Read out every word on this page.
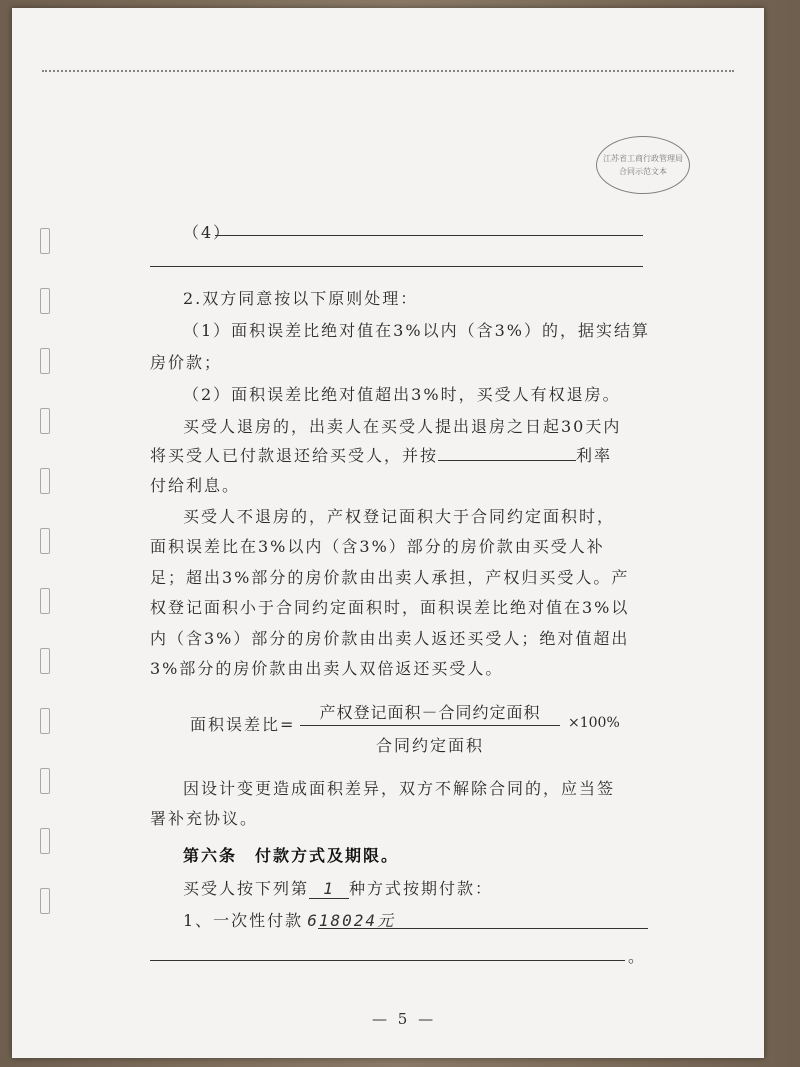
江苏省工商行政管理局
合同示范文本
（4）
2.双方同意按以下原则处理：
（1）面积误差比绝对值在3%以内（含3%）的，据实结算
房价款；
（2）面积误差比绝对值超出3%时，买受人有权退房。
买受人退房的，出卖人在买受人提出退房之日起30天内
将买受人已付款退还给买受人，并按	利率
付给利息。
买受人不退房的，产权登记面积大于合同约定面积时，
面积误差比在3%以内（含3%）部分的房价款由买受人补
足；超出3%部分的房价款由出卖人承担，产权归买受人。产
权登记面积小于合同约定面积时，面积误差比绝对值在3%以
内（含3%）部分的房价款由出卖人返还买受人；绝对值超出
3%部分的房价款由出卖人双倍返还买受人。
面积误差比=
产权登记面积－合同约定面积
合同约定面积
×100%
因设计变更造成面积差异，双方不解除合同的，应当签
署补充协议。
第六条　付款方式及期限。
买受人按下列第 1 种方式按期付款：
1、一次性付款 618024元
。
— 5 —
